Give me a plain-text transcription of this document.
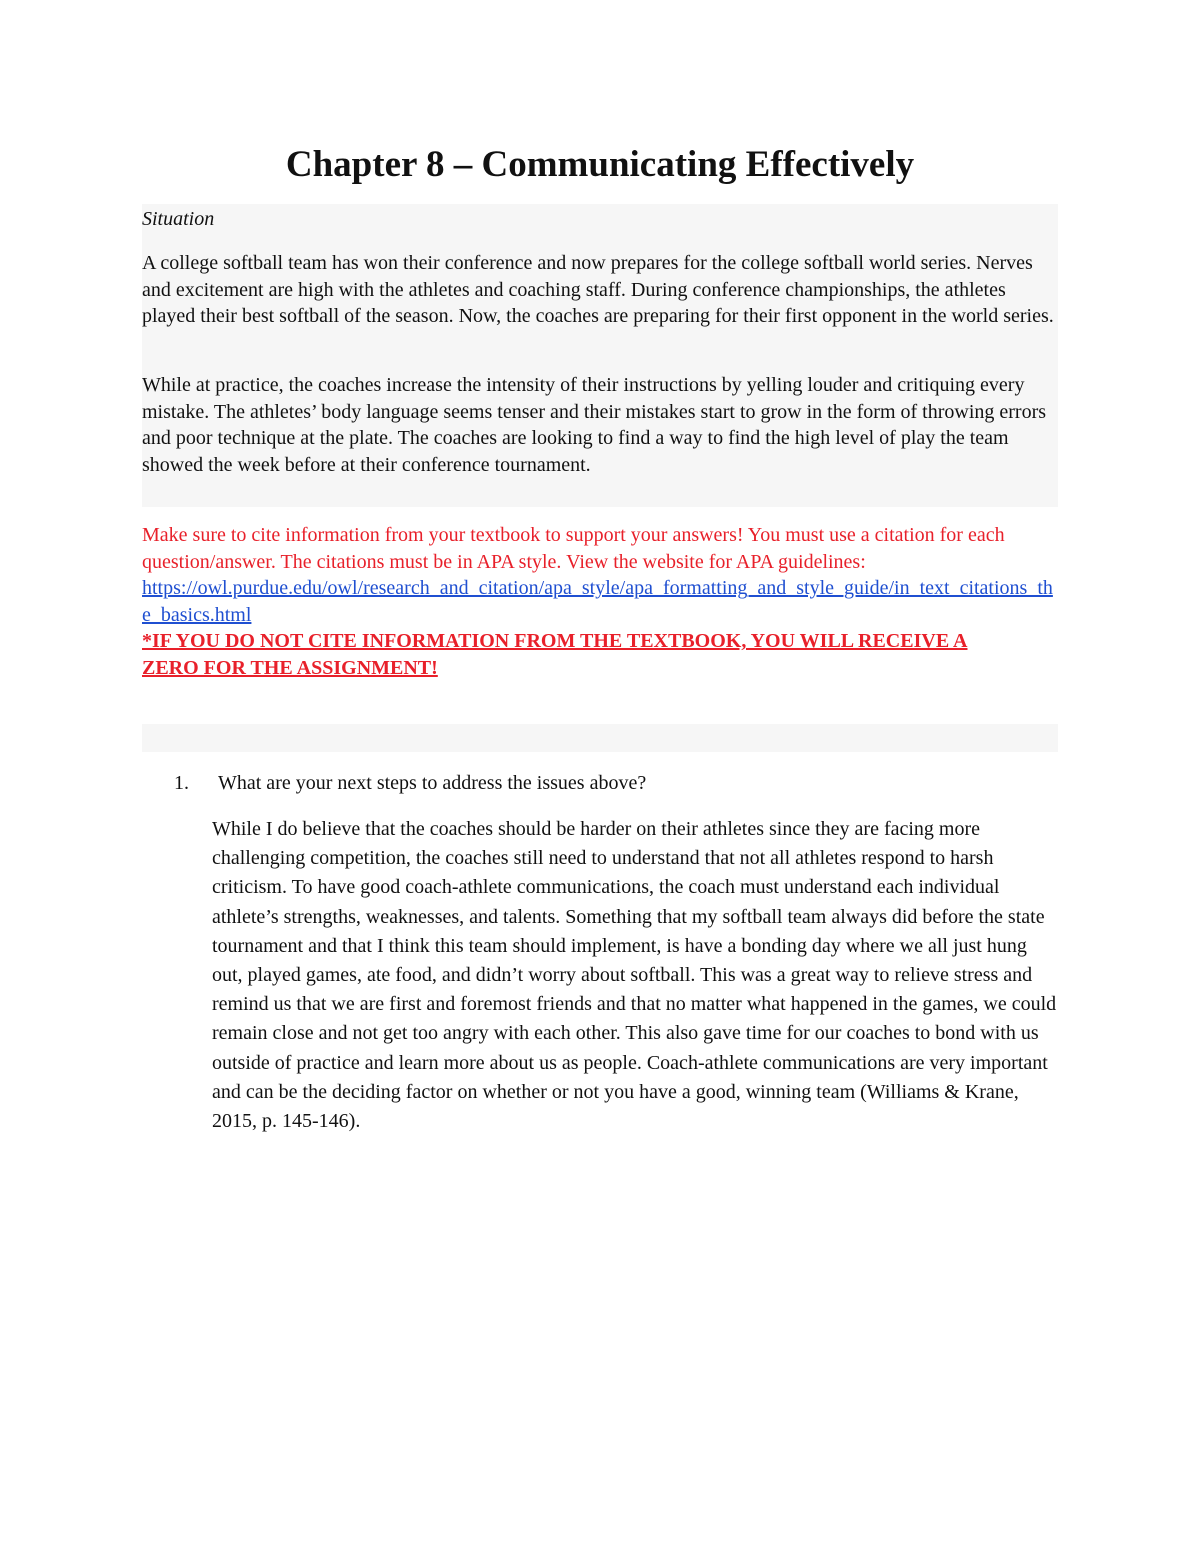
Chapter 8 – Communicating Effectively

Situation

A college softball team has won their conference and now prepares for the college softball world series. Nerves and excitement are high with the athletes and coaching staff. During conference championships, the athletes played their best softball of the season. Now, the coaches are preparing for their first opponent in the world series.

While at practice, the coaches increase the intensity of their instructions by yelling louder and critiquing every mistake. The athletes’ body language seems tenser and their mistakes start to grow in the form of throwing errors and poor technique at the plate. The coaches are looking to find a way to find the high level of play the team showed the week before at their conference tournament.

Make sure to cite information from your textbook to support your answers! You must use a citation for each question/answer. The citations must be in APA style. View the website for APA guidelines:
https://owl.purdue.edu/owl/research_and_citation/apa_style/apa_formatting_and_style_guide/in_text_citations_the_basics.html
*IF YOU DO NOT CITE INFORMATION FROM THE TEXTBOOK, YOU WILL RECEIVE A ZERO FOR THE ASSIGNMENT!

1. What are your next steps to address the issues above?

While I do believe that the coaches should be harder on their athletes since they are facing more challenging competition, the coaches still need to understand that not all athletes respond to harsh criticism. To have good coach-athlete communications, the coach must understand each individual athlete’s strengths, weaknesses, and talents. Something that my softball team always did before the state tournament and that I think this team should implement, is have a bonding day where we all just hung out, played games, ate food, and didn’t worry about softball. This was a great way to relieve stress and remind us that we are first and foremost friends and that no matter what happened in the games, we could remain close and not get too angry with each other. This also gave time for our coaches to bond with us outside of practice and learn more about us as people. Coach-athlete communications are very important and can be the deciding factor on whether or not you have a good, winning team (Williams & Krane, 2015, p. 145-146).
